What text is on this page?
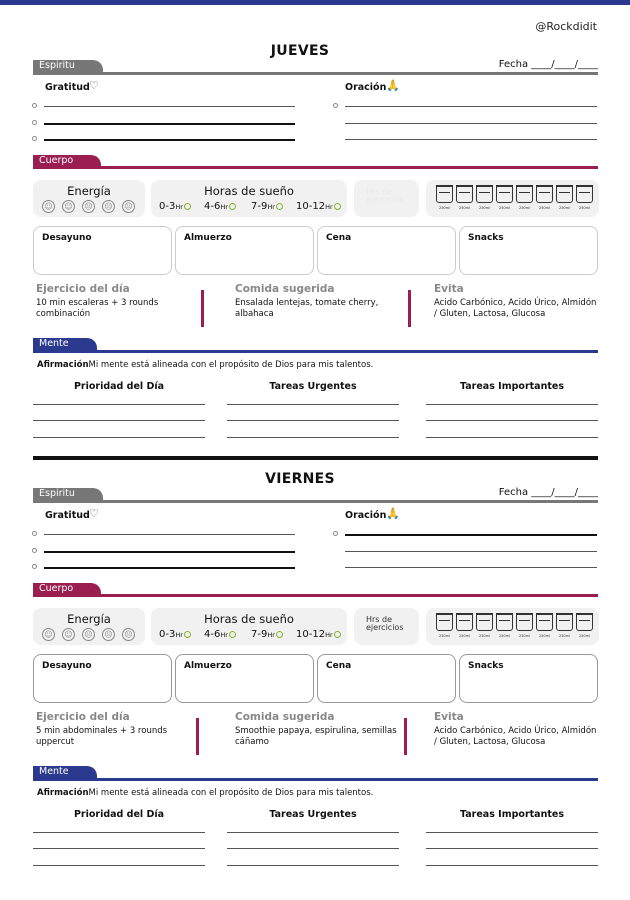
@Rockdidit
JUEVES
Espiritu	Fecha ____/____/____
Gratitud ♡	Oración 🙏
Cuerpo
Energía
☺ ☺ ☹ ☹ ☹
Horas de sueño
0-3Hr	4-6Hr	7-9Hr	10-12Hr
Hrs de ejercicios
250ml	250ml	250ml	250ml	250ml	250ml	250ml	250ml
Desayuno	Almuerzo	Cena	Snacks
Ejercicio del día
10 min escaleras + 3 rounds combinación
Comida sugerida
Ensalada lentejas, tomate cherry, albahaca
Evita
Acido Carbónico, Acido Úrico, Almidón / Gluten, Lactosa, Glucosa
Mente
AfirmaciónMi mente está alineada con el propósito de Dios para mis talentos.
Prioridad del Día	Tareas Urgentes	Tareas Importantes
VIERNES
Espiritu	Fecha ____/____/____
Gratitud ♡	Oración 🙏
Cuerpo
Energía
☺ ☺ ☹ ☹ ☹
Horas de sueño
0-3Hr	4-6Hr	7-9Hr	10-12Hr
Hrs de ejercicios
250ml	250ml	250ml	250ml	250ml	250ml	250ml	250ml
Desayuno	Almuerzo	Cena	Snacks
Ejercicio del día
5 min abdominales + 3 rounds uppercut
Comida sugerida
Smoothie papaya, espirulina, semillas cáñamo
Evita
Acido Carbónico, Acido Úrico, Almidón / Gluten, Lactosa, Glucosa
Mente
AfirmaciónMi mente está alineada con el propósito de Dios para mis talentos.
Prioridad del Día	Tareas Urgentes	Tareas Importantes
